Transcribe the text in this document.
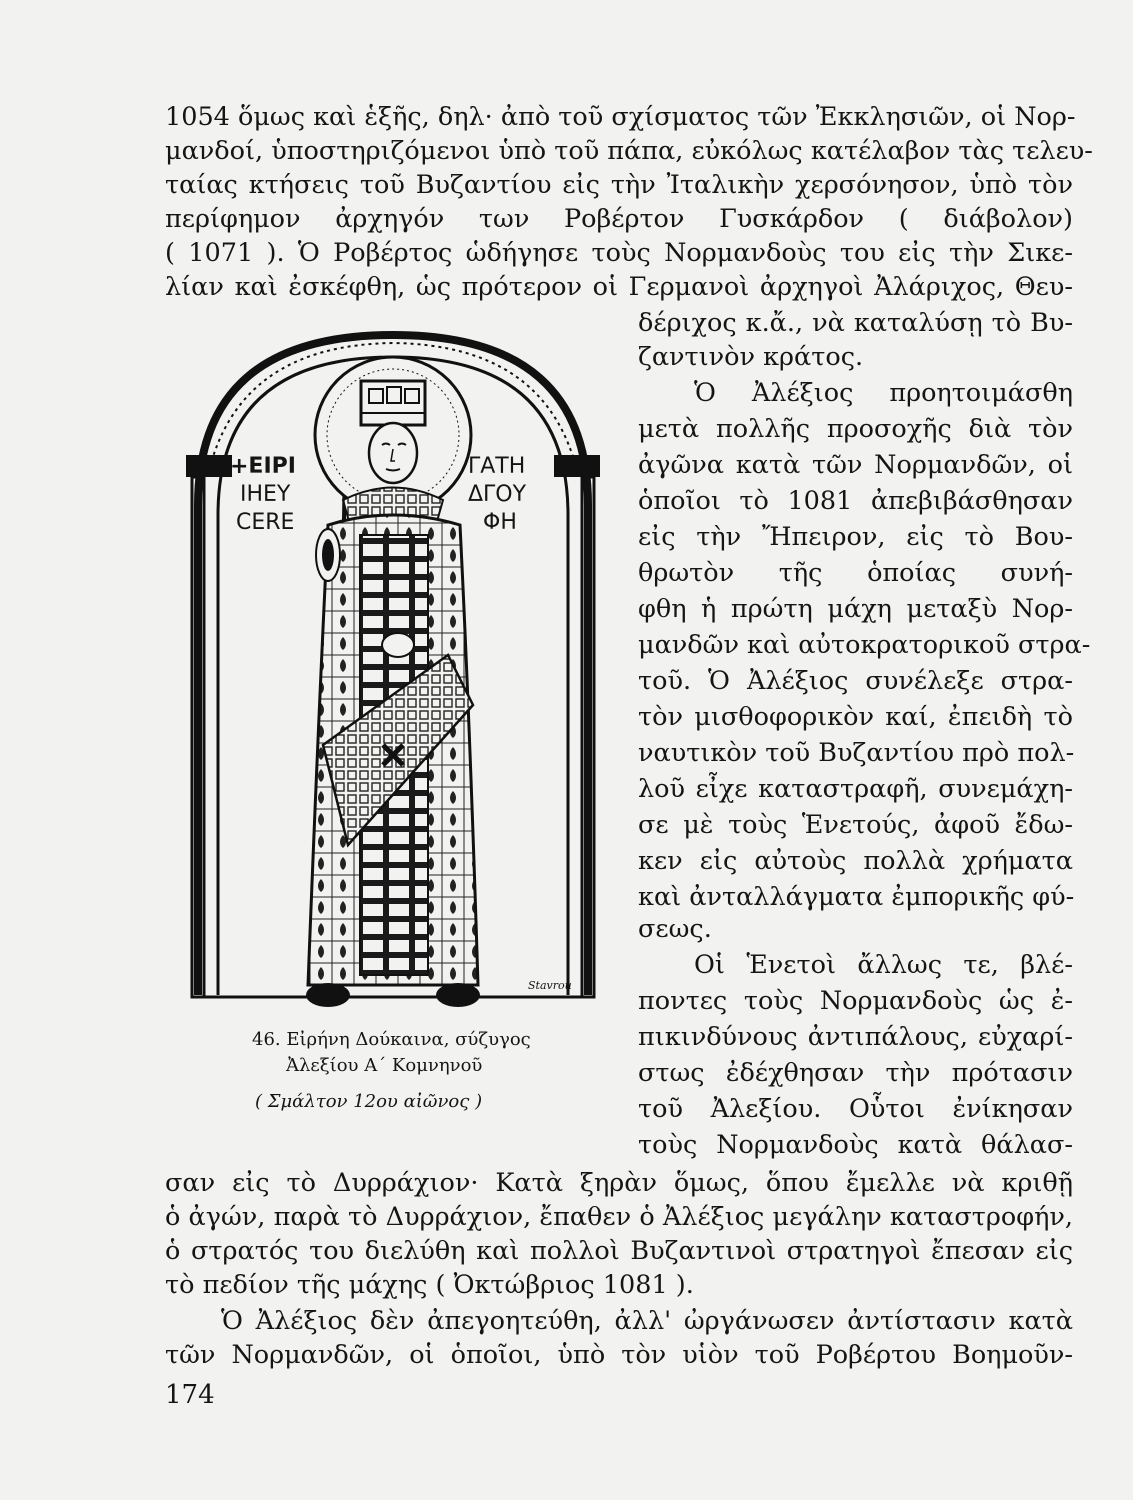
1054 ὅμως καὶ ἑξῆς, δηλ· ἀπὸ τοῦ σχίσματος τῶν Ἐκκλησιῶν, οἱ Νορ-
μανδοί, ὑποστηριζόμενοι ὑπὸ τοῦ πάπα, εὐκόλως κατέλαβον τὰς τελευ-
ταίας κτήσεις τοῦ Βυζαντίου εἰς τὴν Ἰταλικὴν χερσόνησον, ὑπὸ τὸν
περίφημον ἀρχηγόν των Ροβέρτον Γυσκάρδον ( διάβολον)
( 1071 ). Ὁ Ροβέρτος ὡδήγησε τοὺς Νορμανδοὺς του εἰς τὴν Σικε-
λίαν καὶ ἐσκέφθη, ὡς πρότερον οἱ Γερμανοὶ ἀρχηγοὶ Ἀλάριχος, Θευ-
δέριχος κ.ἄ., νὰ καταλύσῃ τὸ Βυ-
ζαντινὸν κράτος.
Ὁ Ἀλέξιος προητοιμάσθη
μετὰ πολλῆς προσοχῆς διὰ τὸν
ἀγῶνα κατὰ τῶν Νορμανδῶν, οἱ
ὁποῖοι τὸ 1081 ἀπεβιβάσθησαν
εἰς τὴν Ἤπειρον, εἰς τὸ Βου-
θρωτὸν τῆς ὁποίας συνή-
φθη ἡ πρώτη μάχη μεταξὺ Νορ-
μανδῶν καὶ αὐτοκρατορικοῦ στρα-
τοῦ. Ὁ Ἀλέξιος συνέλεξε στρα-
τὸν μισθοφορικὸν καί, ἐπειδὴ τὸ
ναυτικὸν τοῦ Βυζαντίου πρὸ πολ-
λοῦ εἶχε καταστραφῆ, συνεμάχη-
σε μὲ τοὺς Ἑνετούς, ἀφοῦ ἔδω-
κεν εἰς αὐτοὺς πολλὰ χρήματα
καὶ ἀνταλλάγματα ἐμπορικῆς φύ-
σεως.
Οἱ Ἑνετοὶ ἄλλως τε, βλέ-
ποντες τοὺς Νορμανδοὺς ὡς ἐ-
πικινδύνους ἀντιπάλους, εὐχαρί-
στως ἐδέχθησαν τὴν πρότασιν
τοῦ Ἀλεξίου. Οὗτοι ἐνίκησαν
τοὺς Νορμανδοὺς κατὰ θάλασ-
σαν εἰς τὸ Δυρράχιον· Κατὰ ξηρὰν ὅμως, ὅπου ἔμελλε νὰ κριθῇ
ὁ ἀγών, παρὰ τὸ Δυρράχιον, ἔπαθεν ὁ Ἀλέξιος μεγάλην καταστροφήν,
ὁ στρατός του διελύθη καὶ πολλοὶ Βυζαντινοὶ στρατηγοὶ ἔπεσαν εἰς
τὸ πεδίον τῆς μάχης ( Ὀκτώβριος 1081 ).
Ὁ Ἀλέξιος δὲν ἀπεγοητεύθη, ἀλλ' ὠργάνωσεν ἀντίστασιν κατὰ
τῶν Νορμανδῶν, οἱ ὁποῖοι, ὑπὸ τὸν υἱὸν τοῦ Ροβέρτου Βοημοῦν-
+ΕΙΡΙ
ΙΗΕΥ
CERE
ΓΑΤΗ
ΔΓΟΥ
ΦΗ
Stavrou
46. Εἰρήνη Δούκαινα, σύζυγος
Ἀλεξίου Α΄ Κομνηνοῦ
( Σμάλτον 12ου αἰῶνος )
174
